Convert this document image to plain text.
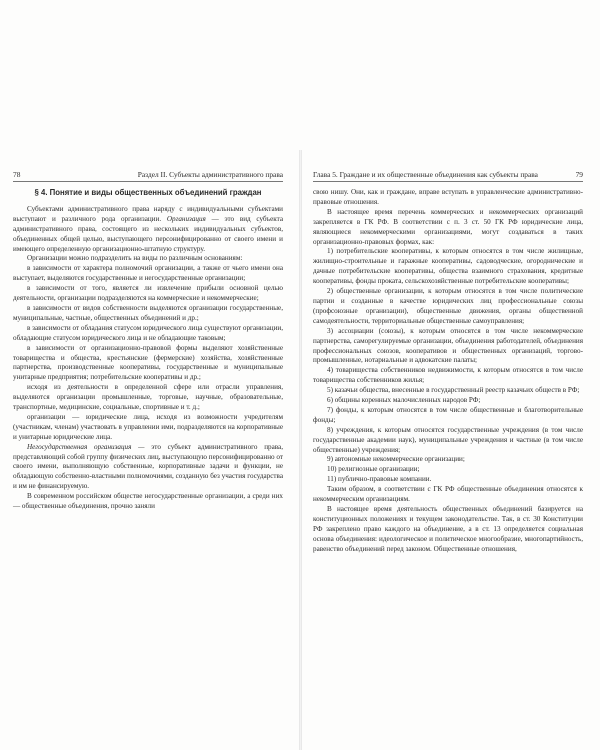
78	Раздел II. Субъекты административного права
§ 4. Понятие и виды общественных объединений граждан

Субъектами административного права наряду с индивидуальными субъектами выступают и различного рода организации. Организация — это вид субъекта административного права, состоящего из нескольких индивидуальных субъектов, объединенных общей целью, выступающего персонифицированно от своего имени и имеющего определенную организационно-штатную структуру.

Организации можно подразделить на виды по различным основаниям:

в зависимости от характера полномочий организации, а также от чьего имени она выступает, выделяются государственные и негосударственные организации;

в зависимости от того, является ли извлечение прибыли основной целью деятельности, организации подразделяются на коммерческие и некоммерческие;

в зависимости от видов собственности выделяются организации государственные, муниципальные, частные, общественных объединений и др.;

в зависимости от обладания статусом юридического лица существуют организации, обладающие статусом юридического лица и не обладающие таковым;

в зависимости от организационно-правовой формы выделяют хозяйственные товарищества и общества, крестьянские (фермерские) хозяйства, хозяйственные партнерства, производственные кооперативы, государственные и муниципальные унитарные предприятия; потребительские кооперативы и др.;

исходя из деятельности в определенной сфере или отрасли управления, выделяются организации промышленные, торговые, научные, образовательные, транспортные, медицинские, социальные, спортивные и т. д.;

организации — юридические лица, исходя из возможности учредителям (участникам, членам) участвовать в управлении ими, подразделяются на корпоративные и унитарные юридические лица.

Негосударственная организация — это субъект административного права, представляющий собой группу физических лиц, выступающую персонифицированно от своего имени, выполняющую собственные, корпоративные задачи и функции, не обладающую собственно-властными полномочиями, созданную без участия государства и им не финансируемую.

В современном российском обществе негосударственные организации, а среди них — общественные объединения, прочно заняли

Глава 5. Гражданe и их общественные объединения как субъекты права	79

свою нишу. Они, как и граждане, вправе вступать в управленческие административно-правовые отношения.

В настоящее время перечень коммерческих и некоммерческих организаций закрепляется в ГК РФ. В соответствии с п. 3 ст. 50 ГК РФ юридические лица, являющиеся некоммерческими организациями, могут создаваться в таких организационно-правовых формах, как:

1) потребительские кооперативы, к которым относятся в том числе жилищные, жилищно-строительные и гаражные кооперативы, садоводческие, огороднические и дачные потребительские кооперативы, общества взаимного страхования, кредитные кооперативы, фонды проката, сельскохозяйственные потребительские кооперативы;

2) общественные организации, к которым относятся в том числе политические партии и созданные в качестве юридических лиц профессиональные союзы (профсоюзные организации), общественные движения, органы общественной самодеятельности, территориальные общественные самоуправления;

3) ассоциации (союзы), к которым относятся в том числе некоммерческие партнерства, саморегулируемые организации, объединения работодателей, объединения профессиональных союзов, кооперативов и общественных организаций, торгово-промышленные, нотариальные и адвокатские палаты;

4) товарищества собственников недвижимости, к которым относятся в том числе товарищества собственников жилья;

5) казачьи общества, внесенные в государственный реестр казачьих обществ в РФ;

6) общины коренных малочисленных народов РФ;

7) фонды, к которым относятся в том числе общественные и благотворительные фонды;

8) учреждения, к которым относятся государственные учреждения (в том числе государственные академии наук), муниципальные учреждения и частные (в том числе общественные) учреждения;

9) автономные некоммерческие организации;

10) религиозные организации;

11) публично-правовые компании.

Таким образом, в соответствии с ГК РФ общественные объединения относятся к некоммерческим организациям.

В настоящее время деятельность общественных объединений базируется на конституционных положениях и текущем законодательстве. Так, в ст. 30 Конституции РФ закреплено право каждого на объединение, а в ст. 13 определяется социальная основа объединения: идеологическое и политическое многообразие, многопартийность, равенство объединений перед законом. Общественные отношения,
